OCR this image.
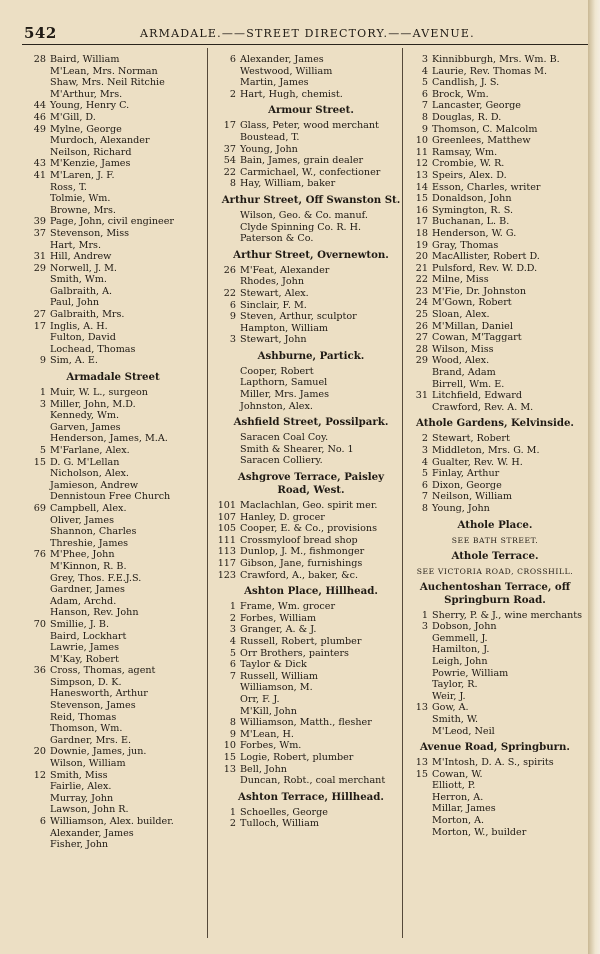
542	ARMADALE.——STREET DIRECTORY.——AVENUE.
28 Baird, William
M'Lean, Mrs. Norman
Shaw, Mrs. Neil Ritchie
M'Arthur, Mrs.
44 Young, Henry C.
46 M'Gill, D.
49 Mylne, George
Murdoch, Alexander
Neilson, Richard
43 M'Kenzie, James
41 M'Laren, J. F.
Ross, T.
Tolmie, Wm.
Browne, Mrs.
39 Page, John, civil engineer
37 Stevenson, Miss
Hart, Mrs.
31 Hill, Andrew
29 Norwell, J. M.
Smith, Wm.
Galbraith, A.
Paul, John
27 Galbraith, Mrs.
17 Inglis, A. H.
Fulton, David
Lochead, Thomas
9 Sim, A. E.
Armadale Street
1 Muir, W. L., surgeon
3 Miller, John, M.D.
Kennedy, Wm.
Garven, James
Henderson, James, M.A.
5 M'Farlane, Alex.
15 D. G. M'Lellan
Nicholson, Alex.
Jamieson, Andrew
Dennistoun Free Church
69 Campbell, Alex.
Oliver, James
Shannon, Charles
Threshie, James
76 M'Phee, John
M'Kinnon, R. B.
Grey, Thos. F.E.J.S.
Gardner, James
Adam, Archd.
Hanson, Rev. John
70 Smillie, J. B.
Baird, Lockhart
Lawrie, James
M'Kay, Robert
36 Cross, Thomas, agent
Simpson, D. K.
Hanesworth, Arthur
Stevenson, James
Reid, Thomas
Thomson, Wm.
Gardner, Mrs. E.
20 Downie, James, jun.
Wilson, William
12 Smith, Miss
Fairlie, Alex.
Murray, John
Lawson, John R.
6 Williamson, Alex. builder.
Alexander, James
Fisher, John
6 Alexander, James
Westwood, William
Martin, James
2 Hart, Hugh, chemist.
Armour Street.
17 Glass, Peter, wood merchant
Boustead, T.
37 Young, John
54 Bain, James, grain dealer
22 Carmichael, W., confectioner
8 Hay, William, baker
Arthur Street, Off Swanston St.
Wilson, Geo. & Co. manuf.
Clyde Spinning Co. R. H.
Paterson & Co.
Arthur Street, Overnewton.
26 M'Feat, Alexander
Rhodes, John
22 Stewart, Alex.
6 Sinclair, F. M.
9 Steven, Arthur, sculptor
Hampton, William
3 Stewart, John
Ashburne, Partick.
Cooper, Robert
Lapthorn, Samuel
Miller, Mrs. James
Johnston, Alex.
Ashfield Street, Possilpark.
Saracen Coal Coy.
Smith & Shearer, No. 1
Saracen Colliery.
Ashgrove Terrace, Paisley
Road, West.
101 Maclachlan, Geo. spirit mer.
107 Hanley, D. grocer
105 Cooper, E. & Co., provisions
111 Crossmyloof bread shop
113 Dunlop, J. M., fishmonger
117 Gibson, Jane, furnishings
123 Crawford, A., baker, &c.
Ashton Place, Hillhead.
1 Frame, Wm. grocer
2 Forbes, William
3 Granger, A. & J.
4 Russell, Robert, plumber
5 Orr Brothers, painters
6 Taylor & Dick
7 Russell, William
Williamson, M.
Orr, F. J.
M'Kill, John
8 Williamson, Matth., flesher
9 M'Lean, H.
10 Forbes, Wm.
15 Logie, Robert, plumber
13 Bell, John
Duncan, Robt., coal merchant
Ashton Terrace, Hillhead.
1 Schoelles, George
2 Tulloch, William
3 Kinnibburgh, Mrs. Wm. B.
4 Laurie, Rev. Thomas M.
5 Candlish, J. S.
6 Brock, Wm.
7 Lancaster, George
8 Douglas, R. D.
9 Thomson, C. Malcolm
10 Greenlees, Matthew
11 Ramsay, Wm.
12 Crombie, W. R.
13 Speirs, Alex. D.
14 Esson, Charles, writer
15 Donaldson, John
16 Symington, R. S.
17 Buchanan, L. B.
18 Henderson, W. G.
19 Gray, Thomas
20 MacAllister, Robert D.
21 Pulsford, Rev. W. D.D.
22 Milne, Miss
23 M'Fie, Dr. Johnston
24 M'Gown, Robert
25 Sloan, Alex.
26 M'Millan, Daniel
27 Cowan, M'Taggart
28 Wilson, Miss
29 Wood, Alex.
Brand, Adam
Birrell, Wm. E.
31 Litchfield, Edward
Crawford, Rev. A. M.
Athole Gardens, Kelvinside.
2 Stewart, Robert
3 Middleton, Mrs. G. M.
4 Gualter, Rev. W. H.
5 Finlay, Arthur
6 Dixon, George
7 Neilson, William
8 Young, John
Athole Place.
SEE BATH STREET.
Athole Terrace.
SEE VICTORIA ROAD, CROSSHILL.
Auchentoshan Terrace, off
Springburn Road.
1 Sherry, P. & J., wine merchants
3 Dobson, John
Gemmell, J.
Hamilton, J.
Leigh, John
Powrie, William
Taylor, R.
Weir, J.
13 Gow, A.
Smith, W.
M'Leod, Neil
Avenue Road, Springburn.
13 M'Intosh, D. A. S., spirits
15 Cowan, W.
Elliott, P.
Herron, A.
Millar, James
Morton, A.
Morton, W., builder
